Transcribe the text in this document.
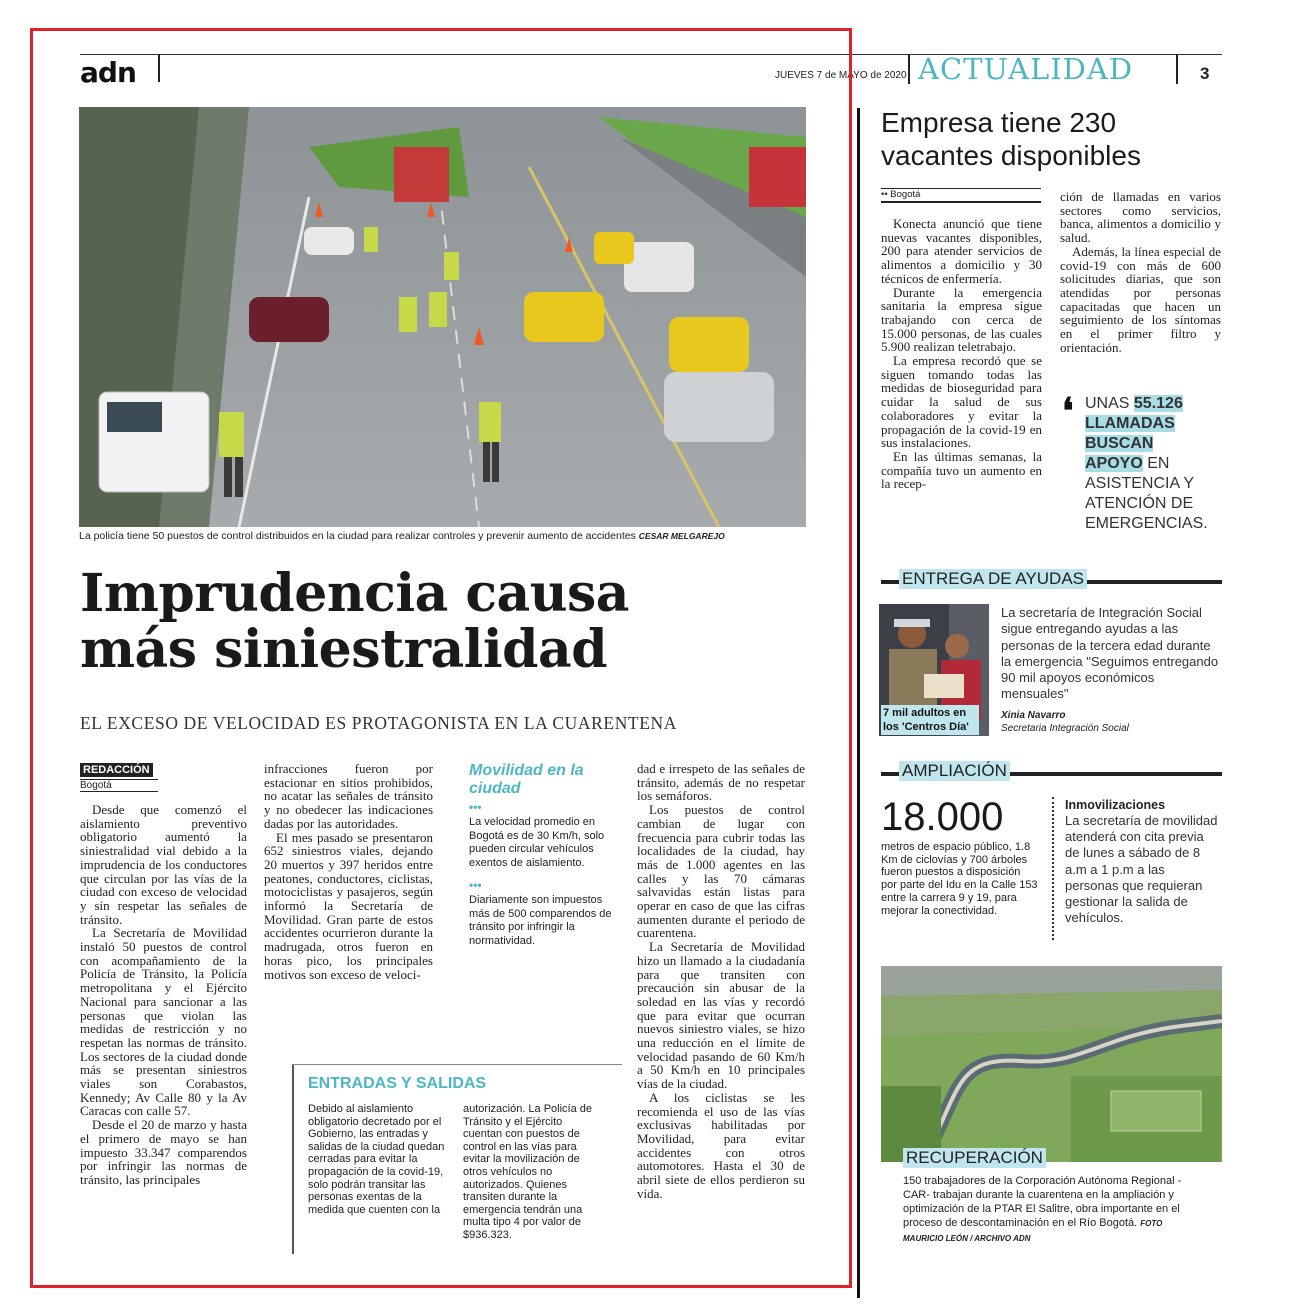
adn	JUEVES 7 de MAYO de 2020 ACTUALIDAD	3
La policía tiene 50 puestos de control distribuidos en la ciudad para realizar controles y prevenir aumento de accidentes CESAR MELGAREJO
Imprudencia causa
más siniestralidad
EL EXCESO DE VELOCIDAD ES PROTAGONISTA EN LA CUARENTENA
REDACCIÓN
Bogotá

Desde que comenzó el aislamiento preventivo obligatorio aumentó la siniestralidad vial debido a la imprudencia de los conductores que circulan por las vías de la ciudad con exceso de velocidad y sin respetar las señales de tránsito.

La Secretaría de Movilidad instaló 50 puestos de control con acompañamiento de la Policía de Tránsito, la Policía metropolitana y el Ejército Nacional para sancionar a las personas que violan las medidas de restricción y no respetan las normas de tránsito. Los sectores de la ciudad donde más se presentan siniestros viales son Corabastos, Kennedy; Av Calle 80 y la Av Caracas con calle 57.

Desde el 20 de marzo y hasta el primero de mayo se han impuesto 33.347 comparendos por infringir las normas de tránsito, las principales

infracciones fueron por estacionar en sitios prohibidos, no acatar las señales de tránsito y no obedecer las indicaciones dadas por las autoridades.

El mes pasado se presentaron 652 siniestros viales, dejando 20 muertos y 397 heridos entre peatones, conductores, ciclistas, motociclistas y pasajeros, según informó la Secretaría de Movilidad. Gran parte de estos accidentes ocurrieron durante la madrugada, otros fueron en horas pico, los principales motivos son exceso de veloci-

Movilidad en la ciudad
•••
La velocidad promedio en Bogotá es de 30 Km/h, solo pueden circular vehículos exentos de aislamiento.
•••
Diariamente son impuestos más de 500 comparendos de tránsito por infringir la normatividad.
ENTRADAS Y SALIDAS
Debido al aislamiento obligatorio decretado por el Gobierno, las entradas y salidas de la ciudad quedan cerradas para evitar la propagación de la covid-19, solo podrán transitar las personas exentas de la medida que cuenten con la
autorización. La Policía de Tránsito y el Ejército cuentan con puestos de control en las vías para evitar la movilización de otros vehículos no autorizados. Quienes transiten durante la emergencia tendrán una multa tipo 4 por valor de $936.323.

dad e irrespeto de las señales de tránsito, además de no respetar los semáforos.

Los puestos de control cambian de lugar con frecuencia para cubrir todas las localidades de la ciudad, hay más de 1.000 agentes en las calles y las 70 cámaras salvavidas están listas para operar en caso de que las cifras aumenten durante el periodo de cuarentena.

La Secretaría de Movilidad hizo un llamado a la ciudadanía para que transiten con precaución sin abusar de la soledad en las vías y recordó que para evitar que ocurran nuevos siniestro viales, se hizo una reducción en el límite de velocidad pasando de 60 Km/h a 50 Km/h en 10 principales vías de la ciudad.

A los ciclistas se les recomienda el uso de las vías exclusivas habilitadas por Movilidad, para evitar accidentes con otros automotores. Hasta el 30 de abril siete de ellos perdieron su vida.

Empresa tiene 230 vacantes disponibles
•• Bogotá

Konecta anunció que tiene nuevas vacantes disponibles, 200 para atender servicios de alimentos a domicilio y 30 técnicos de enfermería.

Durante la emergencia sanitaria la empresa sigue trabajando con cerca de 15.000 personas, de las cuales 5.900 realizan teletrabajo.

La empresa recordó que se siguen tomando todas las medidas de bioseguridad para cuidar la salud de sus colaboradores y evitar la propagación de la covid-19 en sus instalaciones.

En las últimas semanas, la compañía tuvo un aumento en la recep-

ción de llamadas en varios sectores como servicios, banca, alimentos a domicilio y salud.

Además, la línea especial de covid-19 con más de 600 solicitudes diarias, que son atendidas por personas capacitadas que hacen un seguimiento de los síntomas en el primer filtro y orientación.

❛ UNAS 55.126
LLAMADAS
BUSCAN
APOYO EN
ASISTENCIA Y
ATENCIÓN DE
EMERGENCIAS.
ENTREGA DE AYUDAS
7 mil adultos en los 'Centros Día'
La secretaría de Integración Social sigue entregando ayudas a las personas de la tercera edad durante la emergencia "Seguimos entregando 90 mil apoyos económicos mensuales"
Xinia Navarro
Secretaria Integración Social
AMPLIACIÓN
18.000
metros de espacio público, 1.8 Km de ciclovías y 700 árboles fueron puestos a disposición por parte del Idu en la Calle 153 entre la carrera 9 y 19, para mejorar la conectividad.
Inmovilizaciones
La secretaría de movilidad atenderá con cita previa de lunes a sábado de 8 a.m a 1 p.m a las personas que requieran gestionar la salida de vehículos.
RECUPERACIÓN
150 trabajadores de la Corporación Autónoma Regional -CAR- trabajan durante la cuarentena en la ampliación y optimización de la PTAR El Salitre, obra importante en el proceso de descontaminación en el Río Bogotá. FOTO MAURICIO LEÓN / ARCHIVO ADN
